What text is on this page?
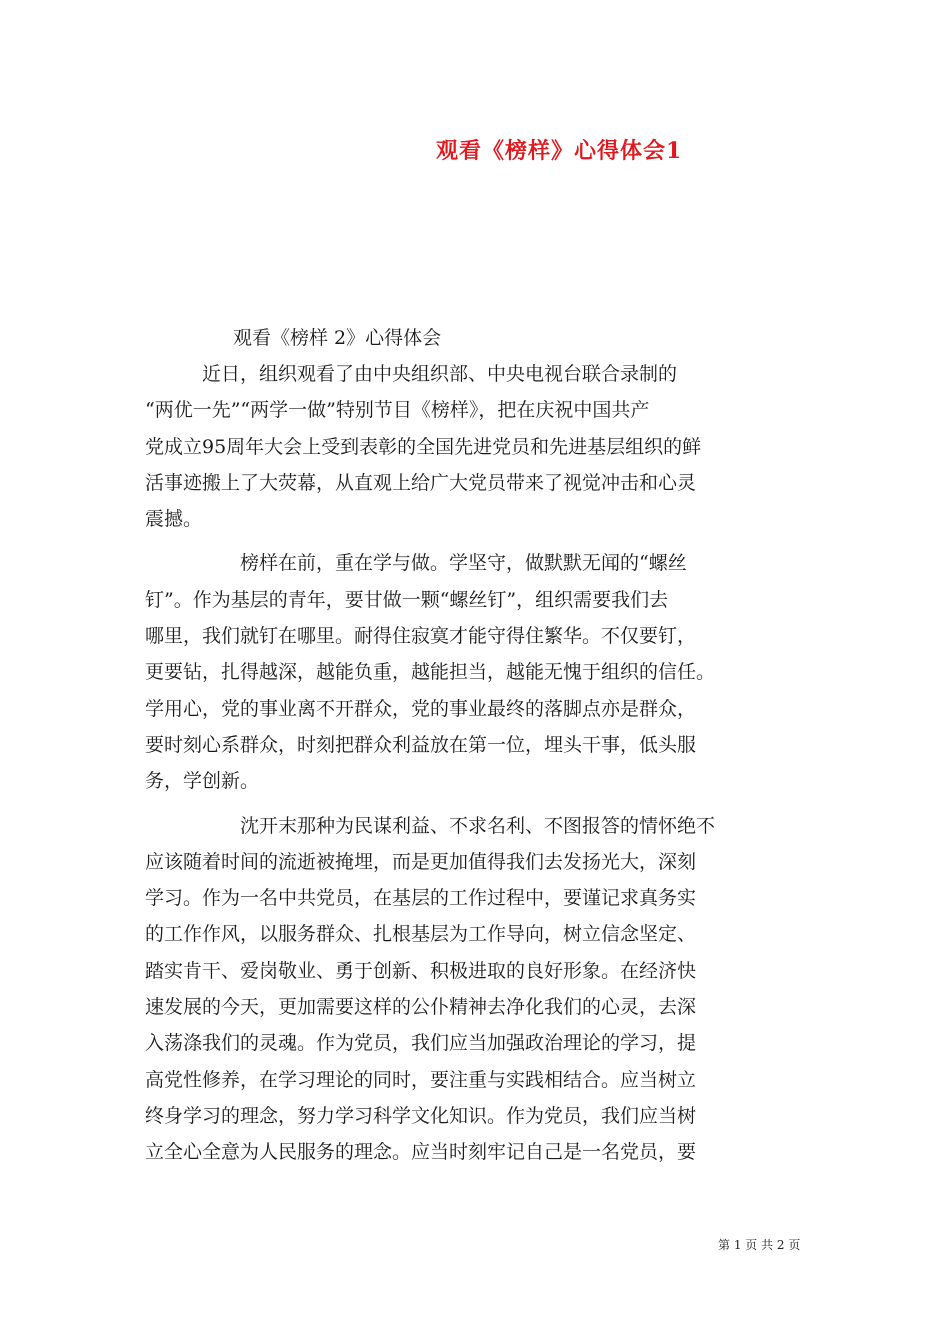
观看《榜样》心得体会1
观看《榜样 2》心得体会
　　　近日，组织观看了由中央组织部、中央电视台联合录制的
“两优一先”“两学一做”特别节目《榜样》，把在庆祝中国共产
党成立95周年大会上受到表彰的全国先进党员和先进基层组织的鲜
活事迹搬上了大荧幕，从直观上给广大党员带来了视觉冲击和心灵
震撼。
　　　　　榜样在前，重在学与做。学坚守，做默默无闻的“螺丝
钉”。作为基层的青年，要甘做一颗“螺丝钉”，组织需要我们去
哪里，我们就钉在哪里。耐得住寂寞才能守得住繁华。不仅要钉，
更要钻，扎得越深，越能负重，越能担当，越能无愧于组织的信任。
学用心，党的事业离不开群众，党的事业最终的落脚点亦是群众，
要时刻心系群众，时刻把群众利益放在第一位，埋头干事，低头服
务，学创新。
　　　　　沈开末那种为民谋利益、不求名利、不图报答的情怀绝不
应该随着时间的流逝被掩埋，而是更加值得我们去发扬光大，深刻
学习。作为一名中共党员，在基层的工作过程中，要谨记求真务实
的工作作风，以服务群众、扎根基层为工作导向，树立信念坚定、
踏实肯干、爱岗敬业、勇于创新、积极进取的良好形象。在经济快
速发展的今天，更加需要这样的公仆精神去净化我们的心灵，去深
入荡涤我们的灵魂。作为党员，我们应当加强政治理论的学习，提
高党性修养，在学习理论的同时，要注重与实践相结合。应当树立
终身学习的理念，努力学习科学文化知识。作为党员，我们应当树
立全心全意为人民服务的理念。应当时刻牢记自己是一名党员，要
第 1 页 共 2 页
